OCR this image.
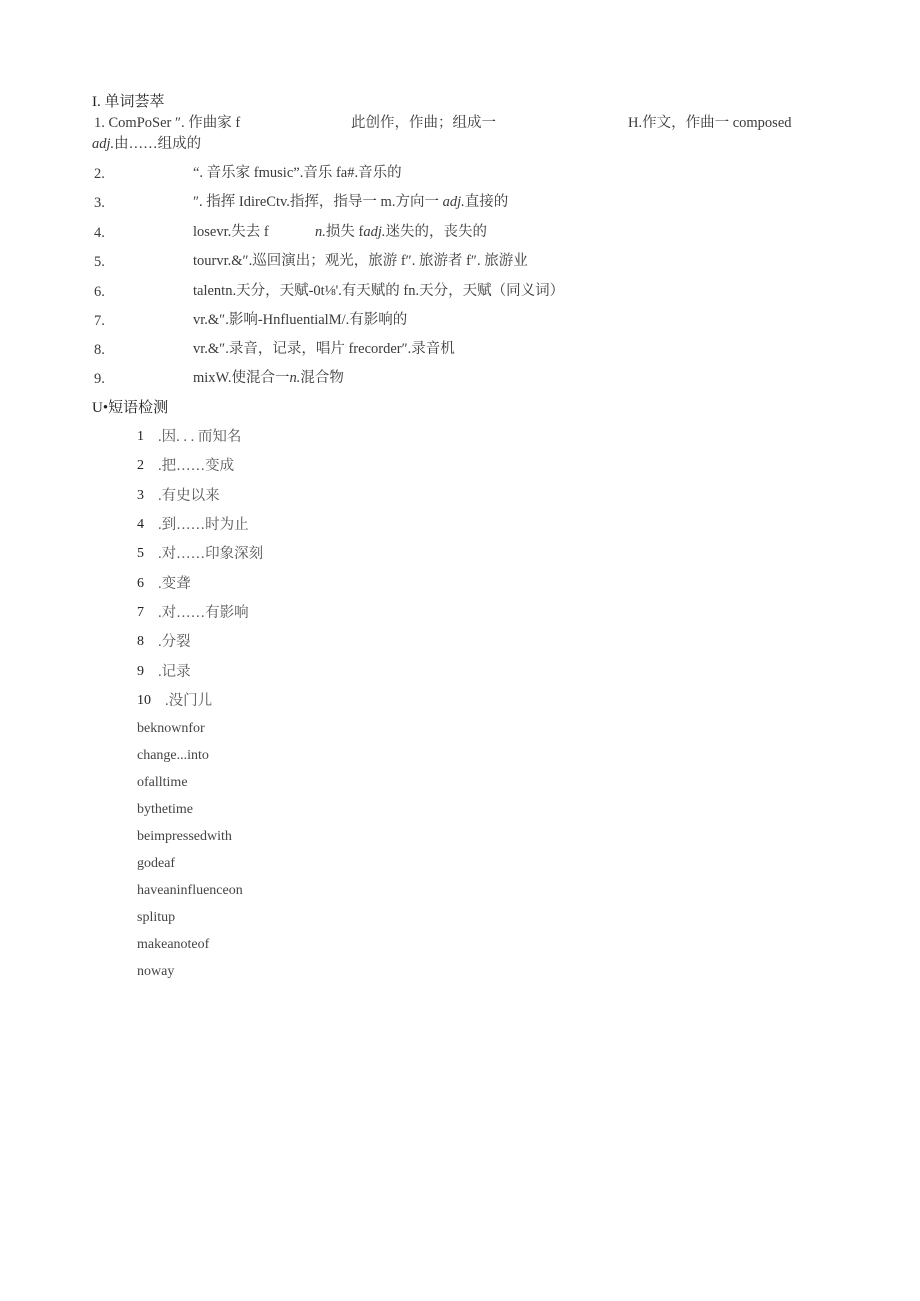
I. 单词荟萃
1. ComPoSer ″. 作曲家 f	此创作，作曲；组成一	H.作文，作曲一 composed
adj.由……组成的
2.	“. 音乐家 fmusic”.音乐 fa#.音乐的
3.	″. 指挥 IdireCtv.指挥，指导一 m.方向一 adj.直接的
4.	losevr.失去 f	n.损失 fadj.迷失的，丧失的
5.	tourvr.&″.巡回演出；观光，旅游 f″. 旅游者 f″. 旅游业
6.	talentn.天分，天赋-0t⅛'.有天赋的 fn.天分，天赋（同义词）
7.	vr.&″.影响-HnfluentialM/.有影响的
8.	vr.&″.录音，记录，唱片 frecorder″.录音机
9.	mixW.使混合一n.混合物
U•短语检测
1 .因. . . 而知名
2 .把……变成
3 .有史以来
4 .到……时为止
5 .对……印象深刻
6 .变聋
7 .对……有影响
8 .分裂
9 .记录
10 .没门儿
beknownfor
change...into
ofalltime
bythetime
beimpressedwith
godeaf
haveaninfluenceon
splitup
makeanoteof
noway
